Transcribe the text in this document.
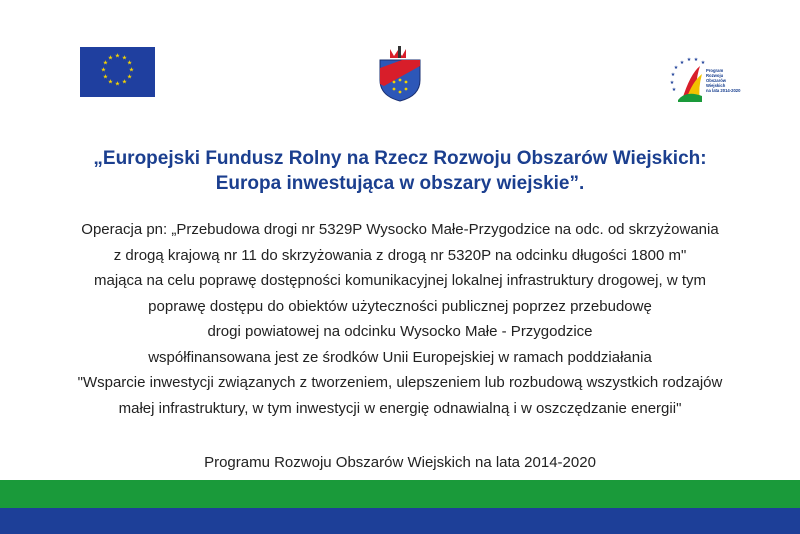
★ ★
★
★
★
★
★
★
★
★
★
★
★
★ ★ ★ ★
★
★
★
Program
Rozwoju
Obszarów
Wiejskich
na lata 2014-2020
„Europejski Fundusz Rolny na Rzecz Rozwoju Obszarów Wiejskich:
Europa inwestująca w obszary wiejskie”.
Operacja pn: „Przebudowa drogi nr 5329P Wysocko Małe-Przygodzice na odc. od skrzyżowania
z drogą krajową nr 11 do skrzyżowania z drogą nr 5320P na odcinku długości 1800 m"
mająca na celu poprawę dostępności komunikacyjnej lokalnej infrastruktury drogowej, w tym
poprawę dostępu do obiektów użyteczności publicznej poprzez przebudowę
drogi powiatowej na odcinku Wysocko Małe - Przygodzice
współfinansowana jest ze środków Unii Europejskiej w ramach poddziałania
"Wsparcie inwestycji związanych z tworzeniem, ulepszeniem lub rozbudową wszystkich rodzajów
małej infrastruktury, w tym inwestycji w energię odnawialną i w oszczędzanie energii"
Programu Rozwoju Obszarów Wiejskich na lata 2014-2020
